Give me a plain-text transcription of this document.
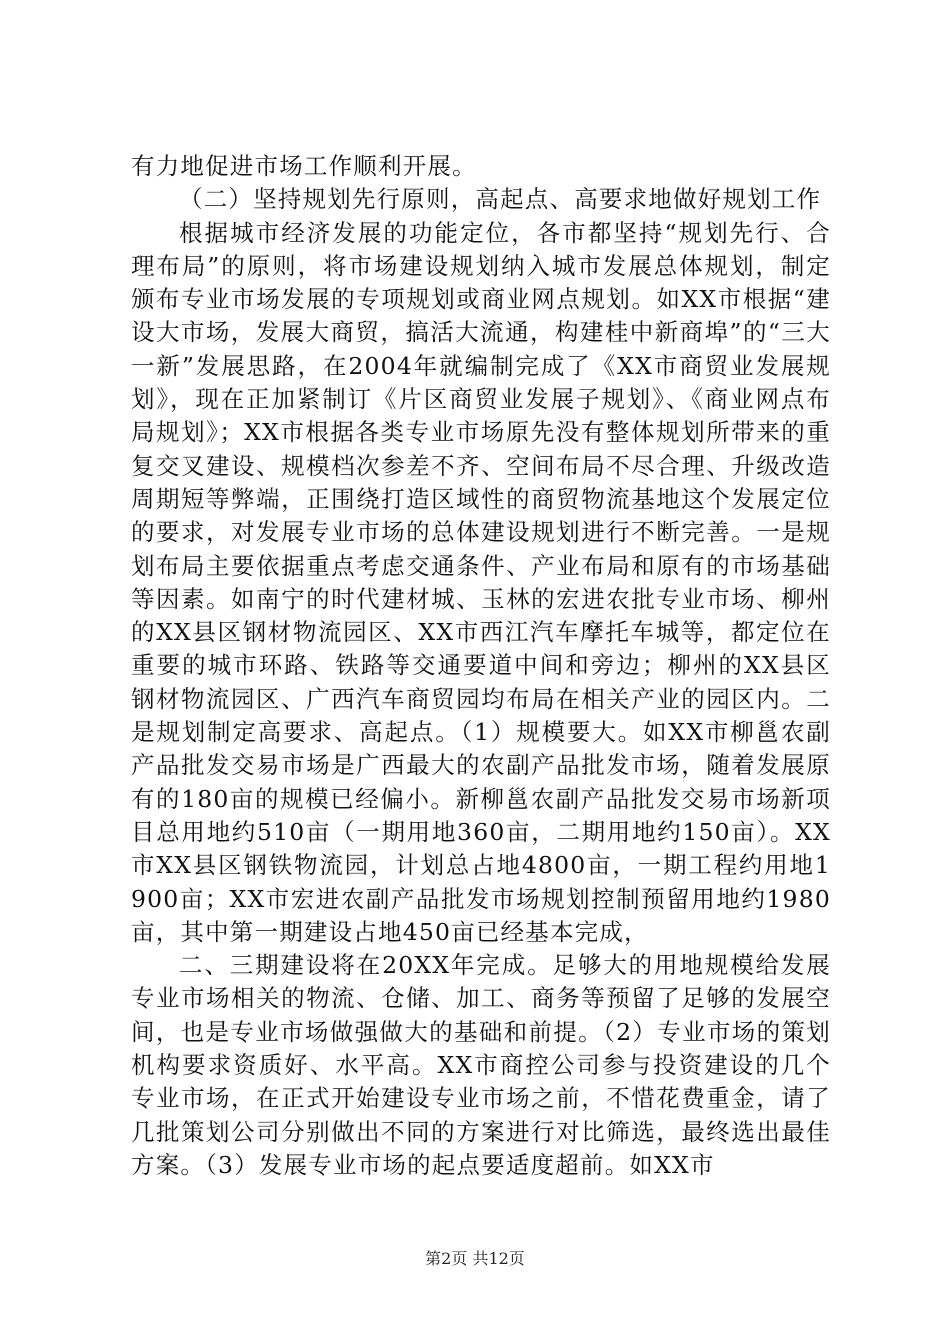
有力地促进市场工作顺利开展。

（二）坚持规划先行原则，高起点、高要求地做好规划工作

根据城市经济发展的功能定位，各市都坚持“规划先行、合理布局”的原则，将市场建设规划纳入城市发展总体规划，制定颁布专业市场发展的专项规划或商业网点规划。如XX市根据“建设大市场，发展大商贸，搞活大流通，构建桂中新商埠”的“三大一新”发展思路，在2004年就编制完成了《XX市商贸业发展规划》，现在正加紧制订《片区商贸业发展子规划》、《商业网点布局规划》；XX市根据各类专业市场原先没有整体规划所带来的重复交叉建设、规模档次参差不齐、空间布局不尽合理、升级改造周期短等弊端，正围绕打造区域性的商贸物流基地这个发展定位的要求，对发展专业市场的总体建设规划进行不断完善。一是规划布局主要依据重点考虑交通条件、产业布局和原有的市场基础等因素。如南宁的时代建材城、玉林的宏进农批专业市场、柳州的XX县区钢材物流园区、XX市西江汽车摩托车城等，都定位在重要的城市环路、铁路等交通要道中间和旁边；柳州的XX县区钢材物流园区、广西汽车商贸园均布局在相关产业的园区内。二是规划制定高要求、高起点。（1）规模要大。如XX市柳邕农副产品批发交易市场是广西最大的农副产品批发市场，随着发展原有的180亩的规模已经偏小。新柳邕农副产品批发交易市场新项目总用地约510亩（一期用地360亩，二期用地约150亩）。XX市XX县区钢铁物流园，计划总占地4800亩，一期工程约用地1900亩；XX市宏进农副产品批发市场规划控制预留用地约1980亩，其中第一期建设占地450亩已经基本完成，

二、三期建设将在20XX年完成。足够大的用地规模给发展专业市场相关的物流、仓储、加工、商务等预留了足够的发展空间，也是专业市场做强做大的基础和前提。（2）专业市场的策划机构要求资质好、水平高。XX市商控公司参与投资建设的几个专业市场，在正式开始建设专业市场之前，不惜花费重金，请了几批策划公司分别做出不同的方案进行对比筛选，最终选出最佳方案。（3）发展专业市场的起点要适度超前。如XX市

第2页 共12页
